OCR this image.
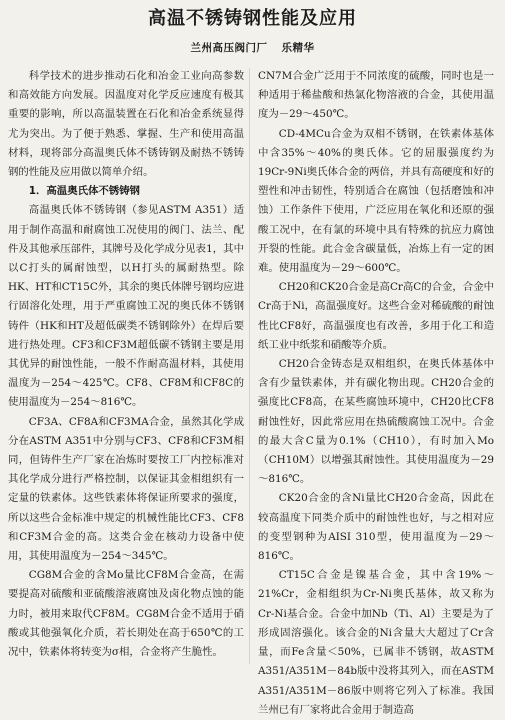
高温不锈铸钢性能及应用
兰州高压阀门厂 乐精华

科学技术的进步推动石化和冶金工业向高参数和高效能方向发展。因温度对化学反应速度有极其重要的影响，所以高温装置在石化和冶金系统显得尤为突出。为了便于熟悉、掌握、生产和使用高温材料，现将部分高温奥氏体不锈铸钢及耐热不锈铸钢的性能及应用做以简单介绍。

1．高温奥氏体不锈铸钢

高温奥氏体不锈铸钢（参见ASTM A351）适用于制作高温和耐腐蚀工况使用的阀门、法兰、配件及其他承压部件，其牌号及化学成分见表1，其中以C打头的属耐蚀型，以H打头的属耐热型。除HK、HT和CT15C外，其余的奥氏体牌号钢均应进行固溶化处理，用于严重腐蚀工况的奥氏体不锈钢铸件（HK和HT及超低碳类不锈钢除外）在焊后要进行热处理。CF3和CF3M超低碳不锈钢主要是用其优异的耐蚀性能，一般不作耐高温材料，其使用温度为－254～425℃。CF8、CF8M和CF8C的使用温度为－254～816℃。

CF3A、CF8A和CF3MA合金，虽然其化学成分在ASTM A351中分别与CF3、CF8和CF3M相同，但铸件生产厂家在冶炼时要按工厂内控标准对其化学成分进行严格控制，以保证其金相组织有一定量的铁素体。这些铁素体将保证所要求的强度，所以这些合金标准中规定的机械性能比CF3、CF8和CF3M合金的高。这类合金在核动力设备中使用，其使用温度为－254～345℃。

CG8M合金的含Mo量比CF8M合金高，在需要提高对硫酸和亚硫酸溶液腐蚀及卤化物点蚀的能力时，被用来取代CF8M。CG8M合金不适用于硝酸或其他强氧化介质，若长期处在高于650℃的工况中，铁素体将转变为σ相，合金将产生脆性。

CN7M合金广泛用于不同浓度的硫酸，同时也是一种适用于稀盐酸和热氯化物溶液的合金，其使用温度为－29～450℃。

CD-4MCu合金为双相不锈钢，在铁素体基体中含35%～40%的奥氏体。它的屈服强度约为19Cr-9Ni奥氏体合金的两倍，并具有高硬度和好的塑性和冲击韧性，特别适合在腐蚀（包括磨蚀和冲蚀）工作条件下使用，广泛应用在氧化和还原的强酸工况中，在有氯的环境中具有特殊的抗应力腐蚀开裂的性能。此合金含碳量低，冶炼上有一定的困难。使用温度为－29～600℃。

CH20和CK20合金是高Cr高C的合金，合金中Cr高于Ni，高温强度好。这些合金对稀硫酸的耐蚀性比CF8好，高温强度也有改善，多用于化工和造纸工业中纸浆和硝酸等介质。

CH20合金铸态是双相组织，在奥氏体基体中含有少量铁素体，并有碳化物出现。CH20合金的强度比CF8高，在某些腐蚀环境中，CH20比CF8耐蚀性好，因此常应用在热硫酸腐蚀工况中。合金的最大含C量为0.1%（CH10），有时加入Mo（CH10M）以增强其耐蚀性。其使用温度为－29～816℃。

CK20合金的含Ni量比CH20合金高，因此在较高温度下同类介质中的耐蚀性也好，与之相对应的变型钢种为AISI 310型，使用温度为－29～816℃。

CT15C合金是镍基合金，其中含19%～21%Cr，金相组织为Cr-Ni奥氏基体，故又称为Cr-Ni基合金。合金中加Nb（Ti、Al）主要是为了形成固溶强化。该合金的Ni含量大大超过了Cr含量，而Fe含量＜50%，已属非不锈钢，故ASTM A351/A351M－84b版中没将其列入，而在ASTM A351/A351M－86版中则将它列入了标准。我国兰州已有厂家将此合金用于制造高
